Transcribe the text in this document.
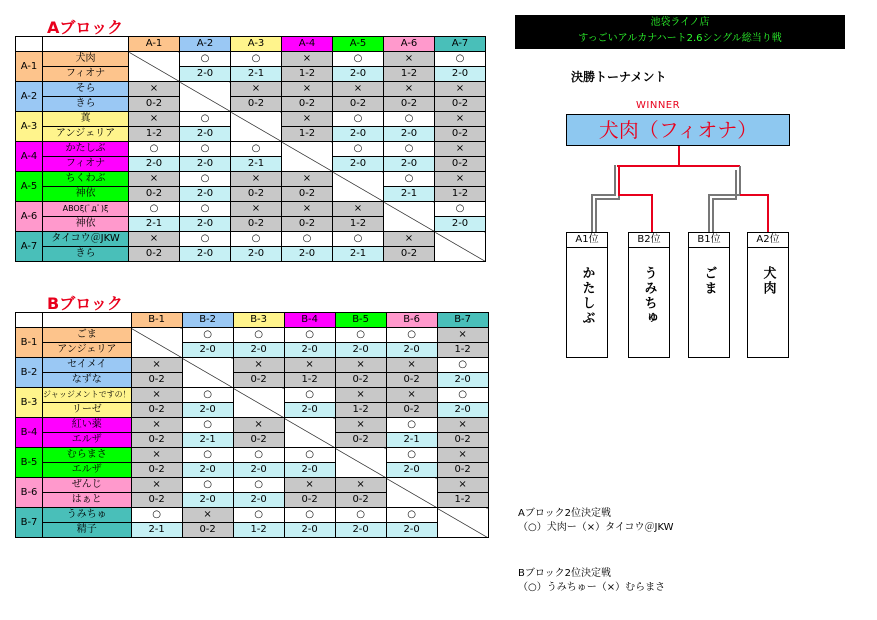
Aブロック
		A-1	A-2	A-3	A-4	A-5	A-6	A-7
A-1	犬肉		○	○	×	○	×	○
	フィオナ		2-0	2-1	1-2	2-0	1-2	2-0
A-2	そら	×		×	×	×	×	×
	きら	0-2		0-2	0-2	0-2	0-2	0-2
A-3	蒖	×	○		×	○	○	×
	アンジェリア	1-2	2-0		1-2	2-0	2-0	0-2
A-4	かたしぶ	○	○	○		○	○	×
	フィオナ	2-0	2-0	2-1		2-0	2-0	0-2
A-5	ちくわぶ	×	○	×	×		○	×
	神依	0-2	2-0	0-2	0-2		2-1	1-2
A-6	ABOξ(ﾟдﾟ)ξ	○	○	×	×	×		○
	神依	2-1	2-0	0-2	0-2	1-2		2-0
A-7	タイコウ＠JKW	×	○	○	○	○	×	
	きら	0-2	2-0	2-0	2-0	2-1	0-2	
Bブロック
		B-1	B-2	B-3	B-4	B-5	B-6	B-7
B-1	ごま		○	○	○	○	○	×
	アンジェリア		2-0	2-0	2-0	2-0	2-0	1-2
B-2	セイメイ	×		×	×	×	×	○
	なずな	0-2		0-2	1-2	0-2	0-2	2-0
B-3	ジャッジメントですの！	×	○		○	×	×	○
	リーゼ	0-2	2-0		2-0	1-2	0-2	2-0
B-4	紅い薬	×	○	×		×	○	×
	エルザ	0-2	2-1	0-2		0-2	2-1	0-2
B-5	むらまさ	×	○	○	○		○	×
	エルザ	0-2	2-0	2-0	2-0		2-0	0-2
B-6	ぜんじ	×	○	○	×	×		×
	はぁと	0-2	2-0	2-0	0-2	0-2		1-2
B-7	うみちゅ	○	×	○	○	○	○	
	精子	2-1	0-2	1-2	2-0	2-0	2-0	
池袋ライノ店
すっごいアルカナハート2.6シングル総当り戦
決勝トーナメント
WINNER
犬肉（フィオナ）
A1位
かたしぶ
B2位
うみちゅ
B1位
ごま
A2位
犬肉
Aブロック2位決定戦
（○）犬肉ー（×）タイコウ＠JKW
Bブロック2位決定戦
（○）うみちゅー（×）むらまさ
